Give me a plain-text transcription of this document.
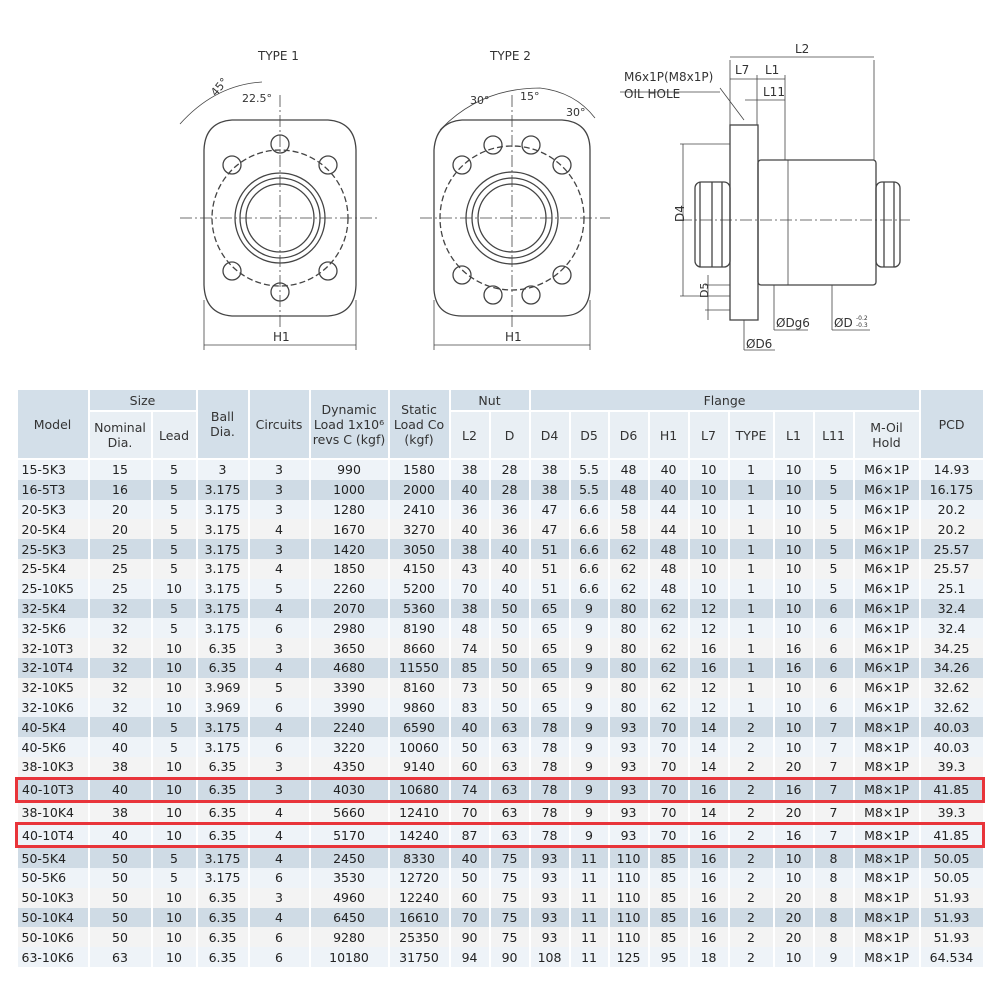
TYPE 1
H1
45° 22.5°
TYPE 2
H1
30°	15°
30°
L2
L7 L1
L11
M6x1P(M8x1P)
OIL HOLE
D4
D5
ØD6
ØDg6 ØD -0.2
-0.3
Model	Size		Ball Dia.	Circuits	Dynamic Load 1x10⁶ revs C (kgf)	Static Load Co (kgf)	Nut		Flange									PCD
	Nominal Dia.	Lead					L2	D	D4	D5	D6	H1	L7	TYPE	L1	L11	M-Oil Hold	
15-5K3	15	5	3	3	990	1580	38	28	38	5.5	48	40	10	1	10	5	M6×1P	14.93
16-5T3	16	5	3.175	3	1000	2000	40	28	38	5.5	48	40	10	1	10	5	M6×1P	16.175
20-5K3	20	5	3.175	3	1280	2410	36	36	47	6.6	58	44	10	1	10	5	M6×1P	20.2
20-5K4	20	5	3.175	4	1670	3270	40	36	47	6.6	58	44	10	1	10	5	M6×1P	20.2
25-5K3	25	5	3.175	3	1420	3050	38	40	51	6.6	62	48	10	1	10	5	M6×1P	25.57
25-5K4	25	5	3.175	4	1850	4150	43	40	51	6.6	62	48	10	1	10	5	M6×1P	25.57
25-10K5	25	10	3.175	5	2260	5200	70	40	51	6.6	62	48	10	1	10	5	M6×1P	25.1
32-5K4	32	5	3.175	4	2070	5360	38	50	65	9	80	62	12	1	10	6	M6×1P	32.4
32-5K6	32	5	3.175	6	2980	8190	48	50	65	9	80	62	12	1	10	6	M6×1P	32.4
32-10T3	32	10	6.35	3	3650	8660	74	50	65	9	80	62	16	1	16	6	M6×1P	34.25
32-10T4	32	10	6.35	4	4680	11550	85	50	65	9	80	62	16	1	16	6	M6×1P	34.26
32-10K5	32	10	3.969	5	3390	8160	73	50	65	9	80	62	12	1	10	6	M6×1P	32.62
32-10K6	32	10	3.969	6	3990	9860	83	50	65	9	80	62	12	1	10	6	M6×1P	32.62
40-5K4	40	5	3.175	4	2240	6590	40	63	78	9	93	70	14	2	10	7	M8×1P	40.03
40-5K6	40	5	3.175	6	3220	10060	50	63	78	9	93	70	14	2	10	7	M8×1P	40.03
38-10K3	38	10	6.35	3	4350	9140	60	63	78	9	93	70	14	2	20	7	M8×1P	39.3
40-10T3	40	10	6.35	3	4030	10680	74	63	78	9	93	70	16	2	16	7	M8×1P	41.85
38-10K4	38	10	6.35	4	5660	12410	70	63	78	9	93	70	14	2	20	7	M8×1P	39.3
40-10T4	40	10	6.35	4	5170	14240	87	63	78	9	93	70	16	2	16	7	M8×1P	41.85
50-5K4	50	5	3.175	4	2450	8330	40	75	93	11	110	85	16	2	10	8	M8×1P	50.05
50-5K6	50	5	3.175	6	3530	12720	50	75	93	11	110	85	16	2	10	8	M8×1P	50.05
50-10K3	50	10	6.35	3	4960	12240	60	75	93	11	110	85	16	2	20	8	M8×1P	51.93
50-10K4	50	10	6.35	4	6450	16610	70	75	93	11	110	85	16	2	20	8	M8×1P	51.93
50-10K6	50	10	6.35	6	9280	25350	90	75	93	11	110	85	16	2	20	8	M8×1P	51.93
63-10K6	63	10	6.35	6	10180	31750	94	90	108	11	125	95	18	2	10	9	M8×1P	64.534
